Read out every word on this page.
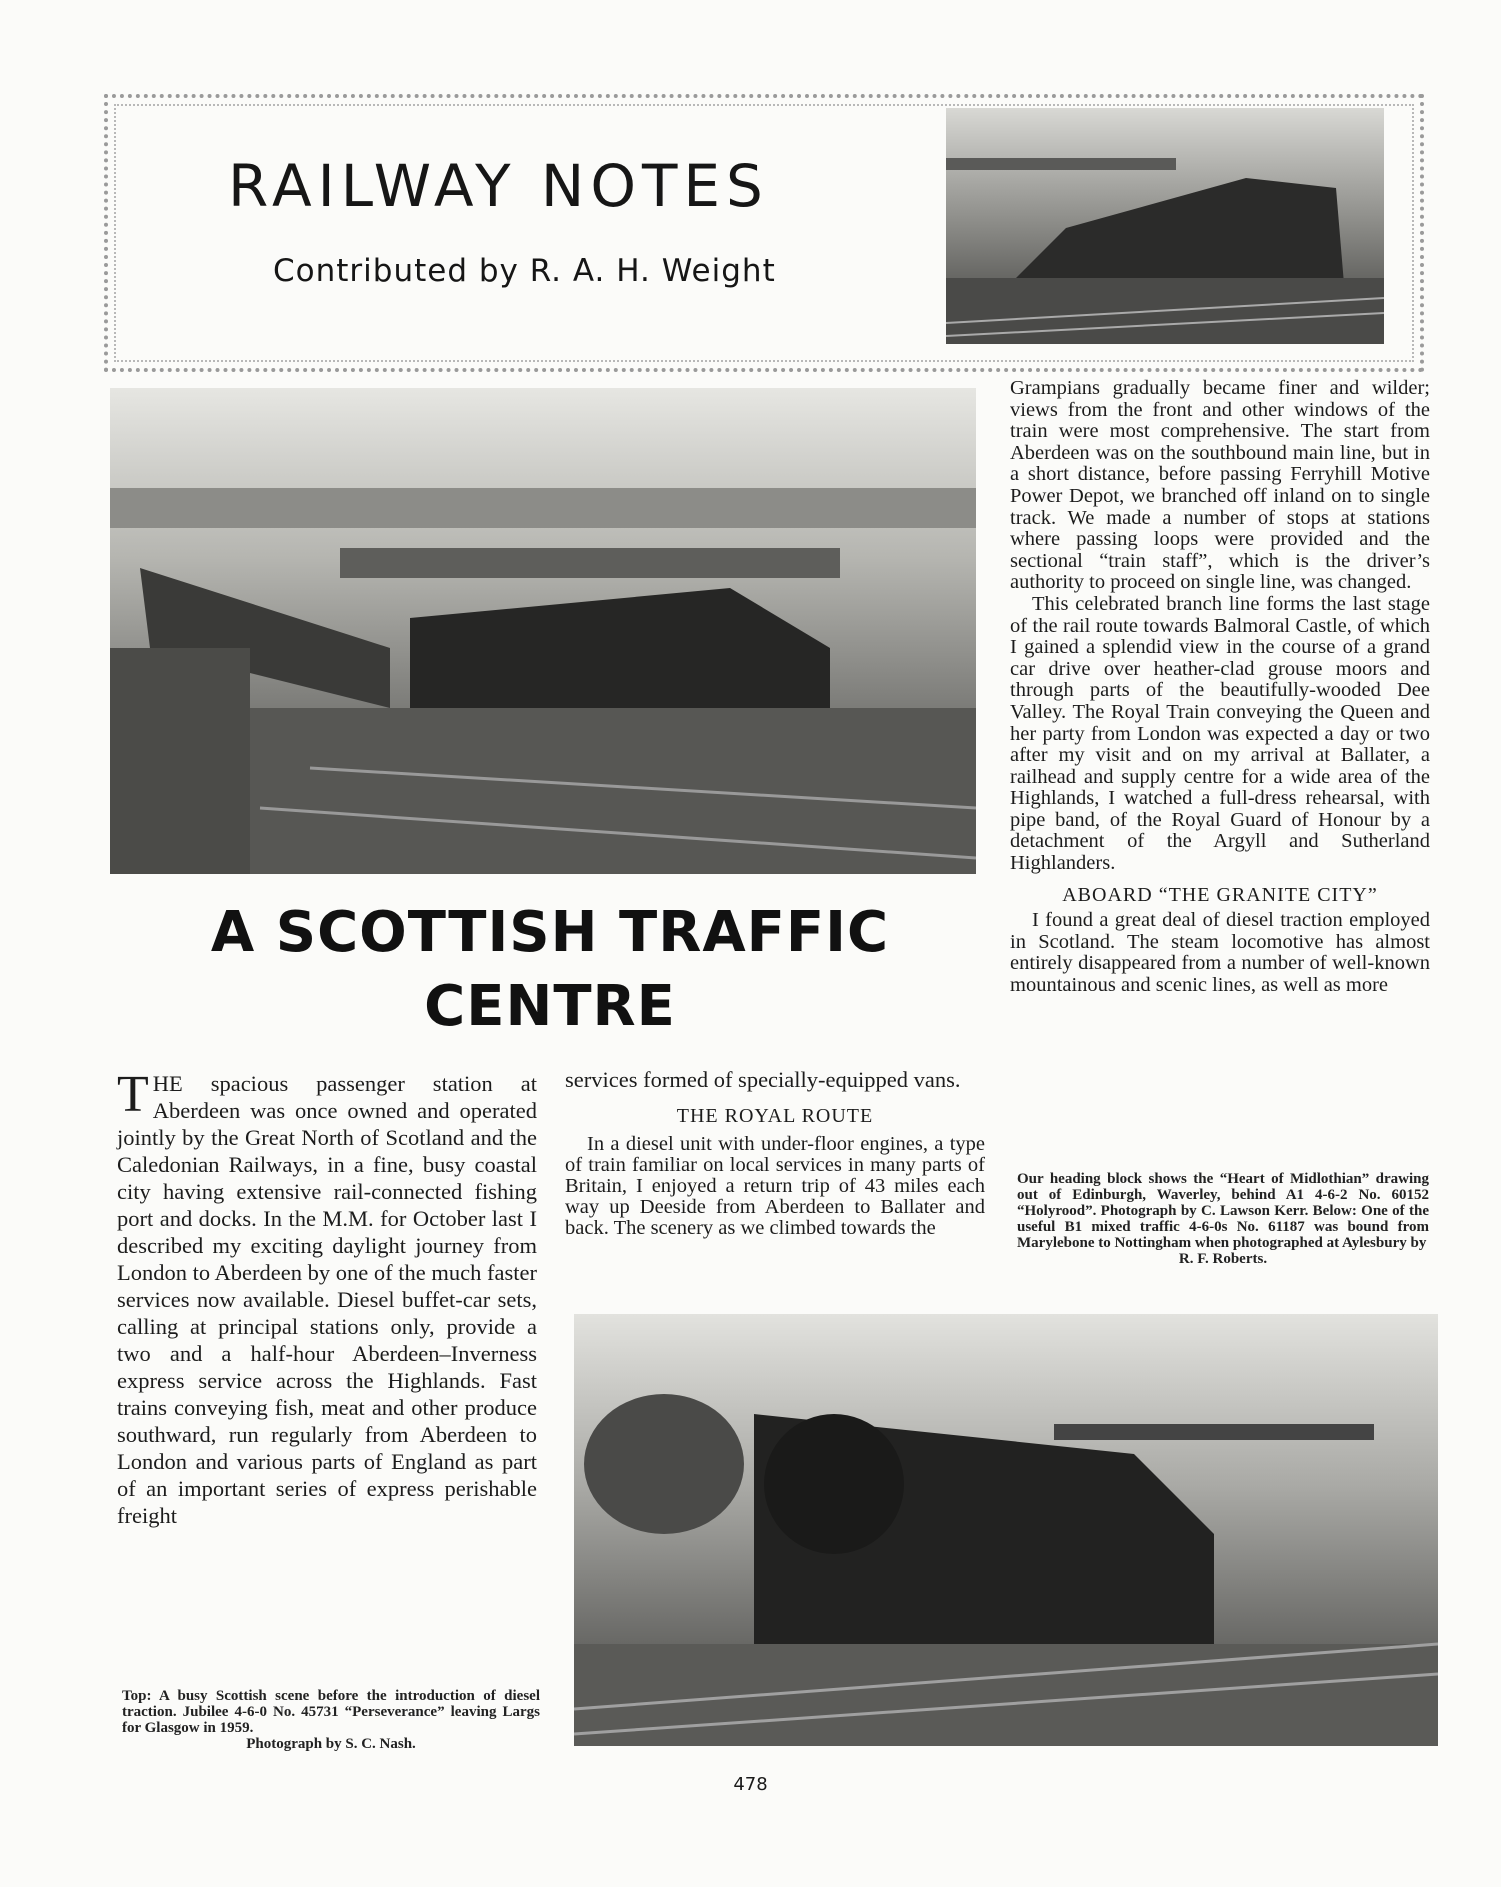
RAILWAY NOTES
Contributed by R. A. H. Weight
A SCOTTISH TRAFFIC
CENTRE

T HE spacious passenger station at Aberdeen was once owned and operated jointly by the Great North of Scotland and the Caledonian Railways, in a fine, busy coastal city having extensive rail-connected fishing port and docks. In the M.M. for October last I described my exciting daylight journey from London to Aberdeen by one of the much faster services now available. Diesel buffet-car sets, calling at principal stations only, provide a two and a half-hour Aberdeen–Inverness express service across the Highlands. Fast trains conveying fish, meat and other produce southward, run regularly from Aberdeen to London and various parts of England as part of an important series of express perishable freight

Top: A busy Scottish scene before the introduction of diesel traction. Jubilee 4-6-0 No. 45731 “Perseverance” leaving Largs for Glasgow in 1959.
Photograph by S. C. Nash.

services formed of specially-equipped vans.

THE ROYAL ROUTE

In a diesel unit with under-floor engines, a type of train familiar on local services in many parts of Britain, I enjoyed a return trip of 43 miles each way up Deeside from Aberdeen to Ballater and back. The scenery as we climbed towards the

Grampians gradually became finer and wilder; views from the front and other windows of the train were most comprehensive. The start from Aberdeen was on the southbound main line, but in a short distance, before passing Ferryhill Motive Power Depot, we branched off inland on to single track. We made a number of stops at stations where passing loops were provided and the sectional “train staff”, which is the driver’s authority to proceed on single line, was changed.

This celebrated branch line forms the last stage of the rail route towards Balmoral Castle, of which I gained a splendid view in the course of a grand car drive over heather-clad grouse moors and through parts of the beautifully-wooded Dee Valley. The Royal Train conveying the Queen and her party from London was expected a day or two after my visit and on my arrival at Ballater, a railhead and supply centre for a wide area of the Highlands, I watched a full-dress rehearsal, with pipe band, of the Royal Guard of Honour by a detachment of the Argyll and Sutherland Highlanders.

ABOARD “THE GRANITE CITY”

I found a great deal of diesel traction employed in Scotland. The steam locomotive has almost entirely disappeared from a number of well-known mountainous and scenic lines, as well as more

Our heading block shows the “Heart of Midlothian” drawing out of Edinburgh, Waverley, behind A1 4-6-2 No. 60152 “Holyrood”. Photograph by C. Lawson Kerr. Below: One of the useful B1 mixed traffic 4-6-0s No. 61187 was bound from Marylebone to Nottingham when photographed at Aylesbury by
R. F. Roberts.
478
